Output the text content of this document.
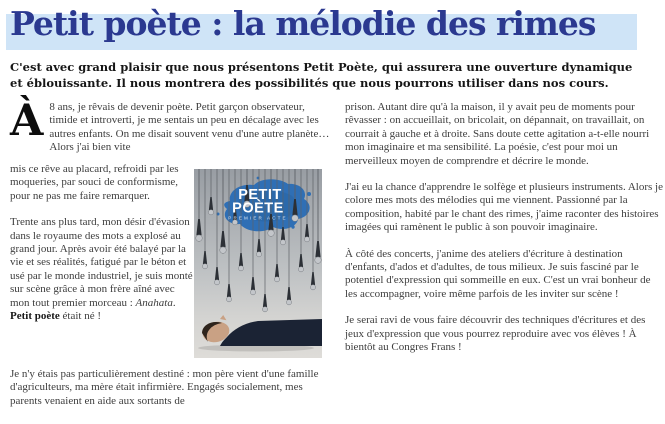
Petit poète : la mélodie des rimes

C'est avec grand plaisir que nous présentons Petit Poète, qui assurera une ouverture dynamique et éblouissante. Il nous montrera des possibilités que nous pourrons utiliser dans nos cours.

À 8 ans, je rêvais de devenir poète. Petit garçon observateur, timide et introverti, je me sentais un peu en décalage avec les autres enfants. On me disait souvent venu d'une autre planète… Alors j'ai bien vite

mis ce rêve au placard, refroidi par les moqueries, par souci de conformisme, pour ne pas me faire remarquer.

Trente ans plus tard, mon désir d'évasion dans le royaume des mots a explosé au grand jour. Après avoir été balayé par la vie et ses réalités, fatigué par le béton et usé par le monde industriel, je suis monté sur scène grâce à mon frère aîné avec mon tout premier morceau : Anahata. Petit poète était né !

Je n'y étais pas particulièrement destiné : mon père vient d'une famille d'agriculteurs, ma mère était infirmière. Engagés socialement, mes parents venaient en aide aux sortants de

prison. Autant dire qu'à la maison, il y avait peu de moments pour rêvasser : on accueillait, on bricolait, on dépannait, on travaillait, on courrait à gauche et à droite. Sans doute cette agitation a-t-elle nourri mon imaginaire et ma sensibilité. La poésie, c'est pour moi un merveilleux moyen de comprendre et décrire le monde.

J'ai eu la chance d'apprendre le solfège et plusieurs instruments. Alors je colore mes mots des mélodies qui me viennent. Passionné par la composition, habité par le chant des rimes, j'aime raconter des histoires imagées qui ramènent le public à son pouvoir imaginaire.

À côté des concerts, j'anime des ateliers d'écriture à destination d'enfants, d'ados et d'adultes, de tous milieux. Je suis fasciné par le potentiel d'expression qui sommeille en eux. C'est un vrai bonheur de les accompagner, voire même parfois de les inviter sur scène !

Je serai ravi de vous faire découvrir des techniques d'écritures et des jeux d'expression que vous pourrez reproduire avec vos élèves ! À bientôt au Congres Frans !

PETIT
POÈTE
PREMIER ACTE
